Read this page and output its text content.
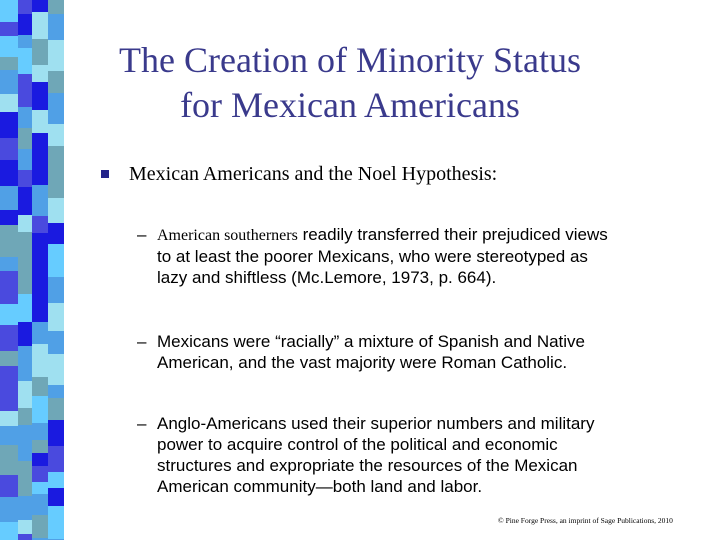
The Creation of Minority Status
for Mexican Americans
Mexican Americans and the Noel Hypothesis:
– American southerners readily transferred their prejudiced views
to at least the poorer Mexicans, who were stereotyped as
lazy and shiftless (Mc.Lemore, 1973, p. 664).
– Mexicans were “racially” a mixture of Spanish and Native
American, and the vast majority were Roman Catholic.
– Anglo-Americans used their superior numbers and military
power to acquire control of the political and economic
structures and expropriate the resources of the Mexican
American community—both land and labor.
© Pine Forge Press, an imprint of Sage Publications, 2010
